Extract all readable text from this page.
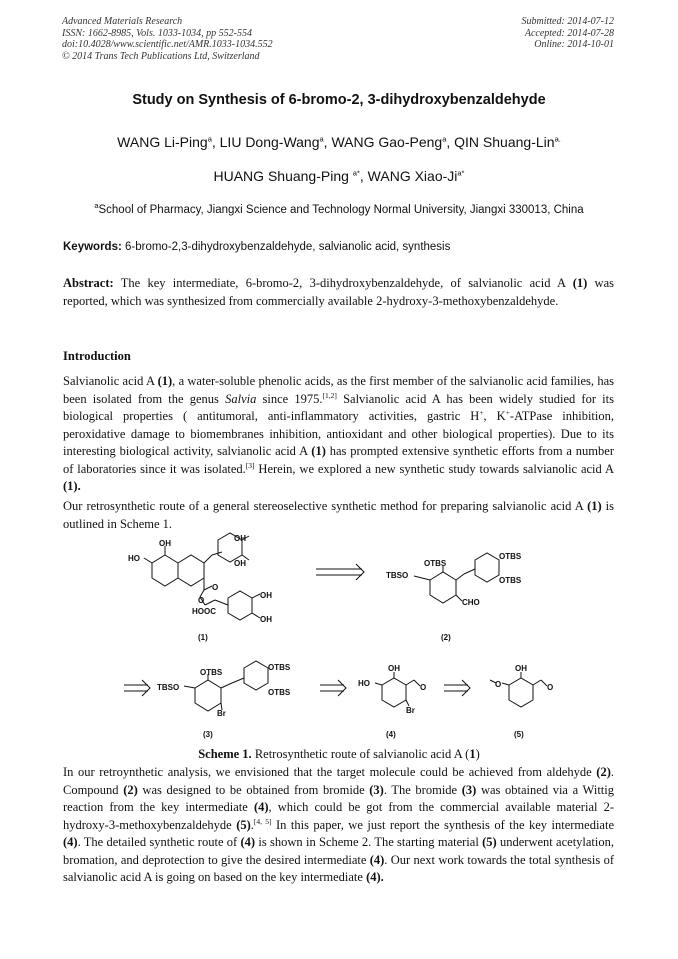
Advanced Materials Research
ISSN: 1662-8985, Vols. 1033-1034, pp 552-554
doi:10.4028/www.scientific.net/AMR.1033-1034.552
© 2014 Trans Tech Publications Ltd, Switzerland
Submitted: 2014-07-12
Accepted: 2014-07-28
Online: 2014-10-01
Study on Synthesis of 6-bromo-2, 3-dihydroxybenzaldehyde
WANG Li-Ping$^a$, LIU Dong-Wang$^a$, WANG Gao-Peng$^a$, QIN Shuang-Lin$^{a.}$
HUANG Shuang-Ping $^{a*}$, WANG Xiao-$Ji^{a*}$
$^a$School of Pharmacy, Jiangxi Science and Technology Normal University, Jiangxi 330013, China
Keywords: 6-bromo-2,3-dihydroxybenzaldehyde, salvianolic acid, synthesis
Abstract: The key intermediate, 6-bromo-2, 3-dihydroxybenzaldehyde, of salvianolic acid A (1) was reported, which was synthesized from commercially available 2-hydroxy-3-methoxybenzaldehyde.
Introduction
Salvianolic acid A (1), a water-soluble phenolic acids, as the first member of the salvianolic acid families, has been isolated from the genus Salvia since 1975.[1,2] Salvianolic acid A has been widely studied for its biological properties ( antitumoral, anti-inflammatory activities, gastric H+, K+-ATPase inhibition, peroxidative damage to biomembranes inhibition, antioxidant and other biological properties). Due to its interesting biological activity, salvianolic acid A (1) has prompted extensive synthetic efforts from a number of laboratories since it was isolated.[3] Herein, we explored a new synthetic study towards salvianolic acid A (1).
Our retrosynthetic route of a general stereoselective synthetic method for preparing salvianolic acid A (1) is outlined in Scheme 1.
OH
HO
OH
OH
O
O
HOOC
OH
OH
(1)
OTBS
TBSO
OTBS
OTBS
CHO
(2)
OTBS
TBSO
OTBS
OTBS
Br
(3)
OH
HO	O
Br
(4)
OH
O	O
(5)
Scheme 1. Retrosynthetic route of salvianolic acid A (1)
In our retroynthetic analysis, we envisioned that the target molecule could be achieved from aldehyde (2). Compound (2) was designed to be obtained from bromide (3). The bromide (3) was obtained via a Wittig reaction from the key intermediate (4), which could be got from the commercial available material 2-hydroxy-3-methoxybenzaldehyde (5).[4, 5] In this paper, we just report the synthesis of the key intermediate (4). The detailed synthetic route of (4) is shown in Scheme 2. The starting material (5) underwent acetylation, bromation, and deprotection to give the desired intermediate (4). Our next work towards the total synthesis of salvianolic acid A is going on based on the key intermediate (4).
